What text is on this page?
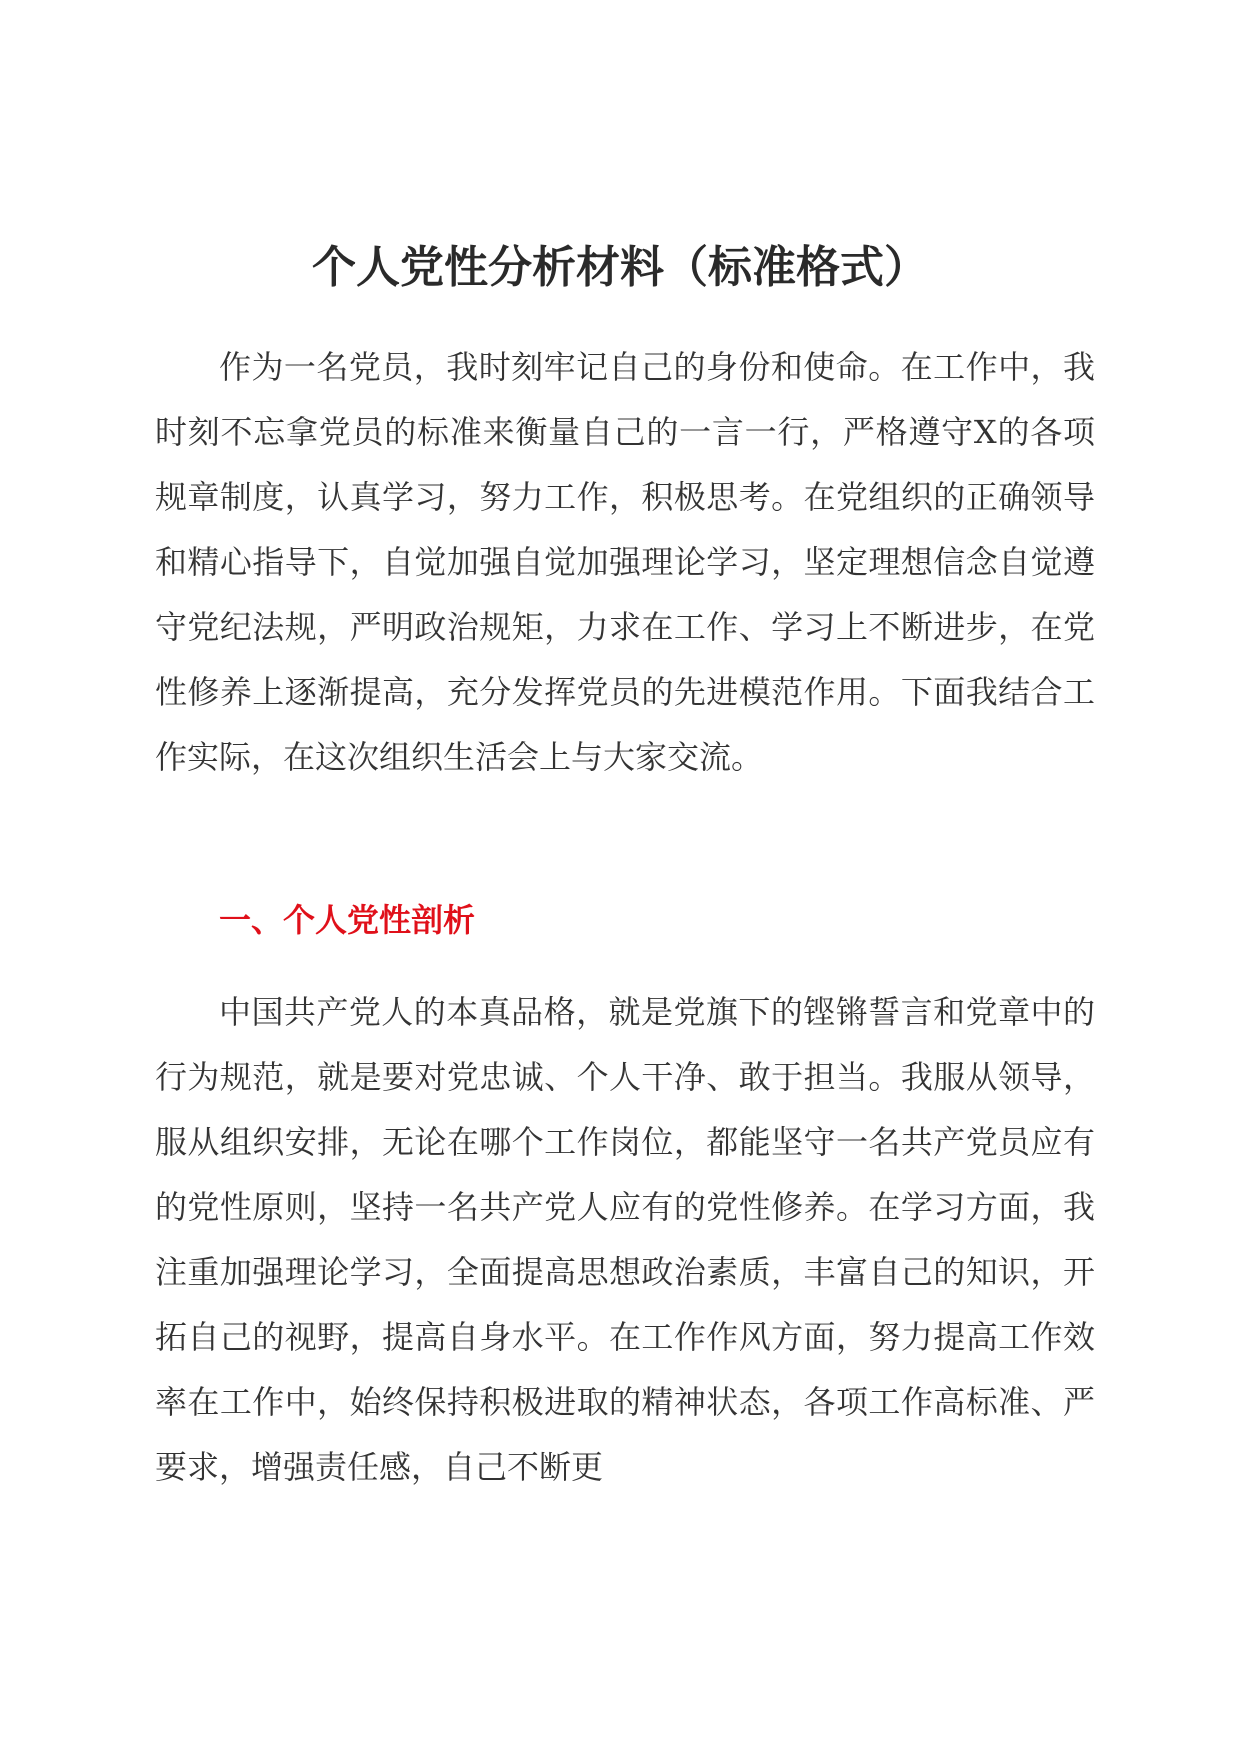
个人党性分析材料（标准格式）

作为一名党员，我时刻牢记自己的身份和使命。在工作中，我时刻不忘拿党员的标准来衡量自己的一言一行，严格遵守X的各项规章制度，认真学习，努力工作，积极思考。在党组织的正确领导和精心指导下，自觉加强自觉加强理论学习，坚定理想信念自觉遵守党纪法规，严明政治规矩，力求在工作、学习上不断进步，在党性修养上逐渐提高，充分发挥党员的先进模范作用。下面我结合工作实际，在这次组织生活会上与大家交流。

一、个人党性剖析

中国共产党人的本真品格，就是党旗下的铿锵誓言和党章中的行为规范，就是要对党忠诚、个人干净、敢于担当。我服从领导，服从组织安排，无论在哪个工作岗位，都能坚守一名共产党员应有的党性原则，坚持一名共产党人应有的党性修养。在学习方面，我注重加强理论学习，全面提高思想政治素质，丰富自己的知识，开拓自己的视野，提高自身水平。在工作作风方面，努力提高工作效率在工作中，始终保持积极进取的精神状态，各项工作高标准、严要求，增强责任感，自己不断更
